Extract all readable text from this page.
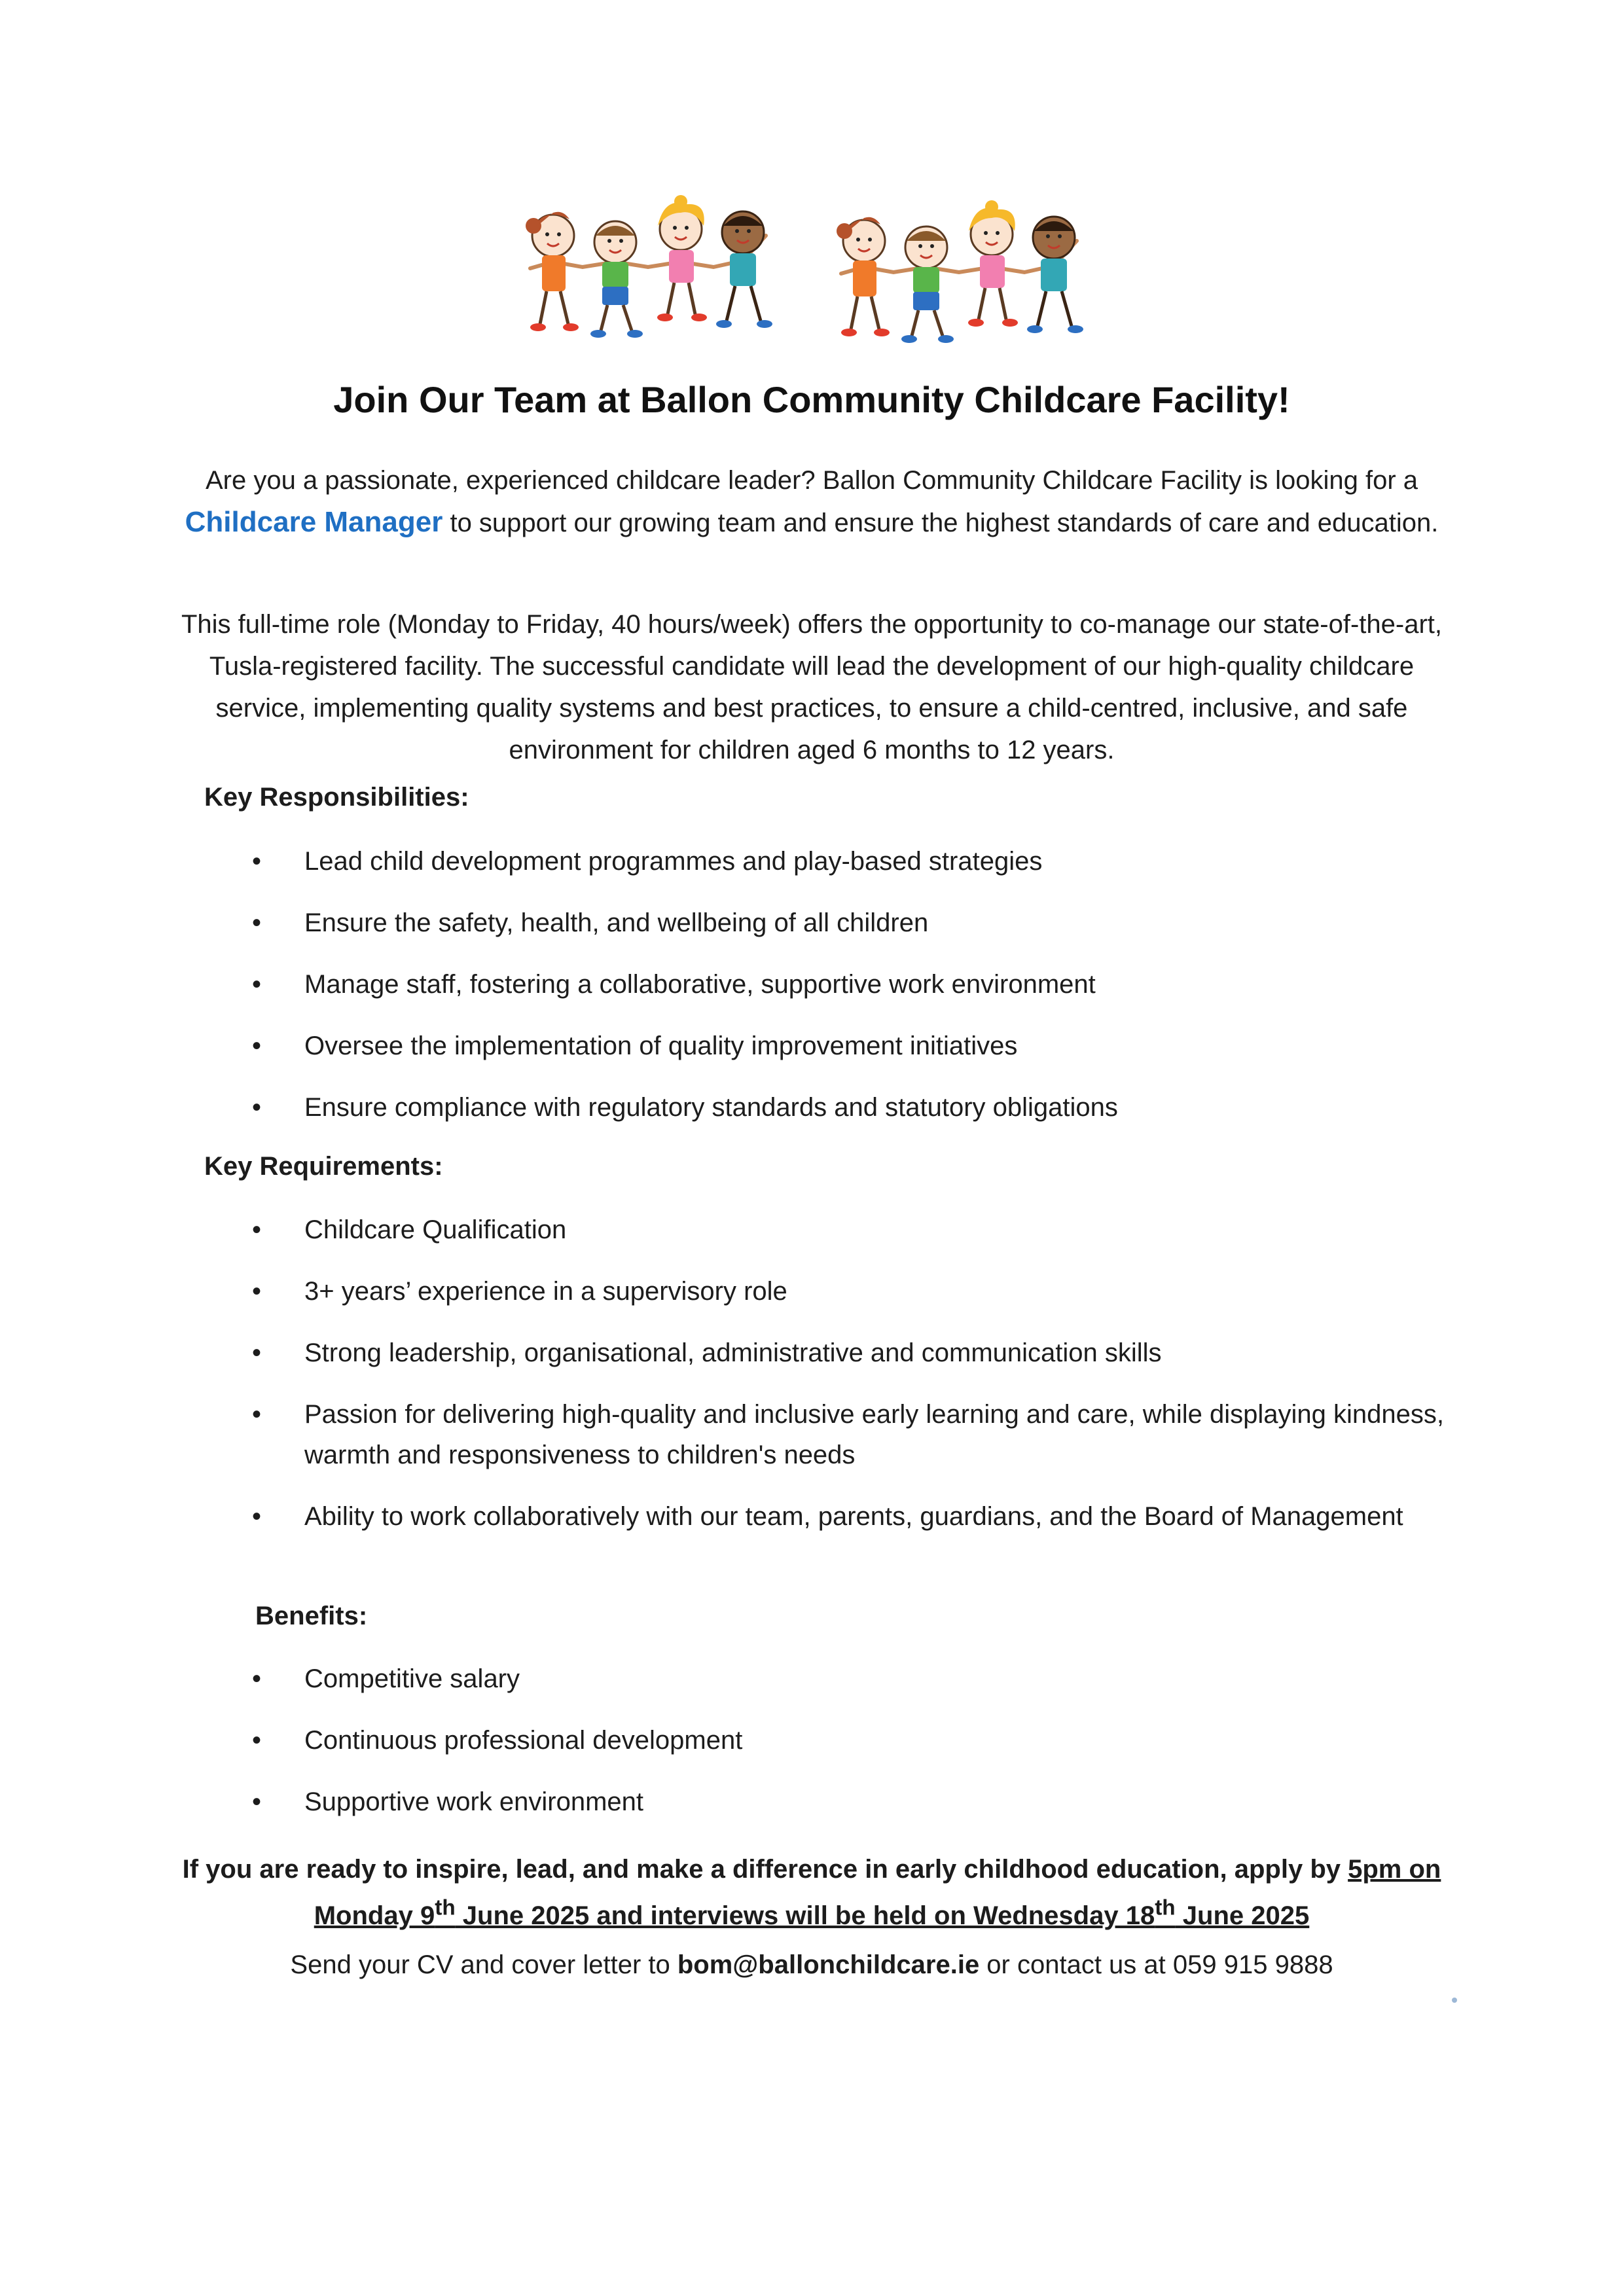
Join Our Team at Ballon Community Childcare Facility!

Are you a passionate, experienced childcare leader? Ballon Community Childcare Facility is looking for a Childcare Manager to support our growing team and ensure the highest standards of care and education.

This full-time role (Monday to Friday, 40 hours/week) offers the opportunity to co-manage our state-of-the-art, Tusla-registered facility. The successful candidate will lead the development of our high-quality childcare service, implementing quality systems and best practices, to ensure a child-centred, inclusive, and safe environment for children aged 6 months to 12 years.

Key Responsibilities:
• Lead child development programmes and play-based strategies
• Ensure the safety, health, and wellbeing of all children
• Manage staff, fostering a collaborative, supportive work environment
• Oversee the implementation of quality improvement initiatives
• Ensure compliance with regulatory standards and statutory obligations
Key Requirements:
• Childcare Qualification
• 3+ years’ experience in a supervisory role
• Strong leadership, organisational, administrative and communication skills
• Passion for delivering high-quality and inclusive early learning and care, while displaying kindness, warmth and responsiveness to children's needs
• Ability to work collaboratively with our team, parents, guardians, and the Board of Management
Benefits:
• Competitive salary
• Continuous professional development
• Supportive work environment

If you are ready to inspire, lead, and make a difference in early childhood education, apply by 5pm on Monday 9th June 2025 and interviews will be held on Wednesday 18th June 2025

Send your CV and cover letter to bom@ballonchildcare.ie or contact us at 059 915 9888
